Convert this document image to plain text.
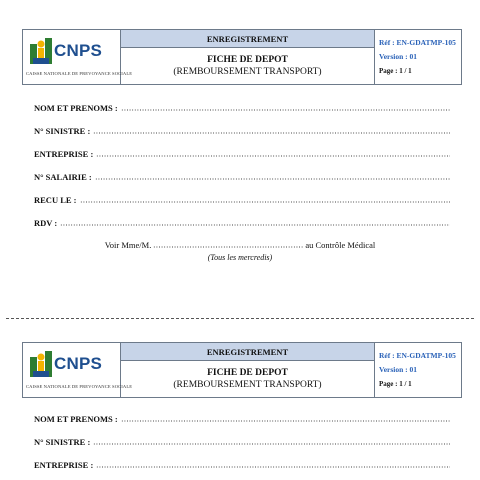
CNPS
CAISSE NATIONALE DE PREVOYANCE SOCIALE
ENREGISTREMENT
FICHE DE DEPOT
(REMBOURSEMENT TRANSPORT)
Réf : EN-GDATMP-105
Version : 01
Page : 1 / 1
NOM ET PRENOMS :
N° SINISTRE :
ENTREPRISE :
N° SALAIRIE :
RECU LE :
RDV :
Voir Mme/M.	au Contrôle Médical
(Tous les mercredis)
CNPS
CAISSE NATIONALE DE PREVOYANCE SOCIALE
ENREGISTREMENT
FICHE DE DEPOT
(REMBOURSEMENT TRANSPORT)
Réf : EN-GDATMP-105
Version : 01
Page : 1 / 1
NOM ET PRENOMS :
N° SINISTRE :
ENTREPRISE :
